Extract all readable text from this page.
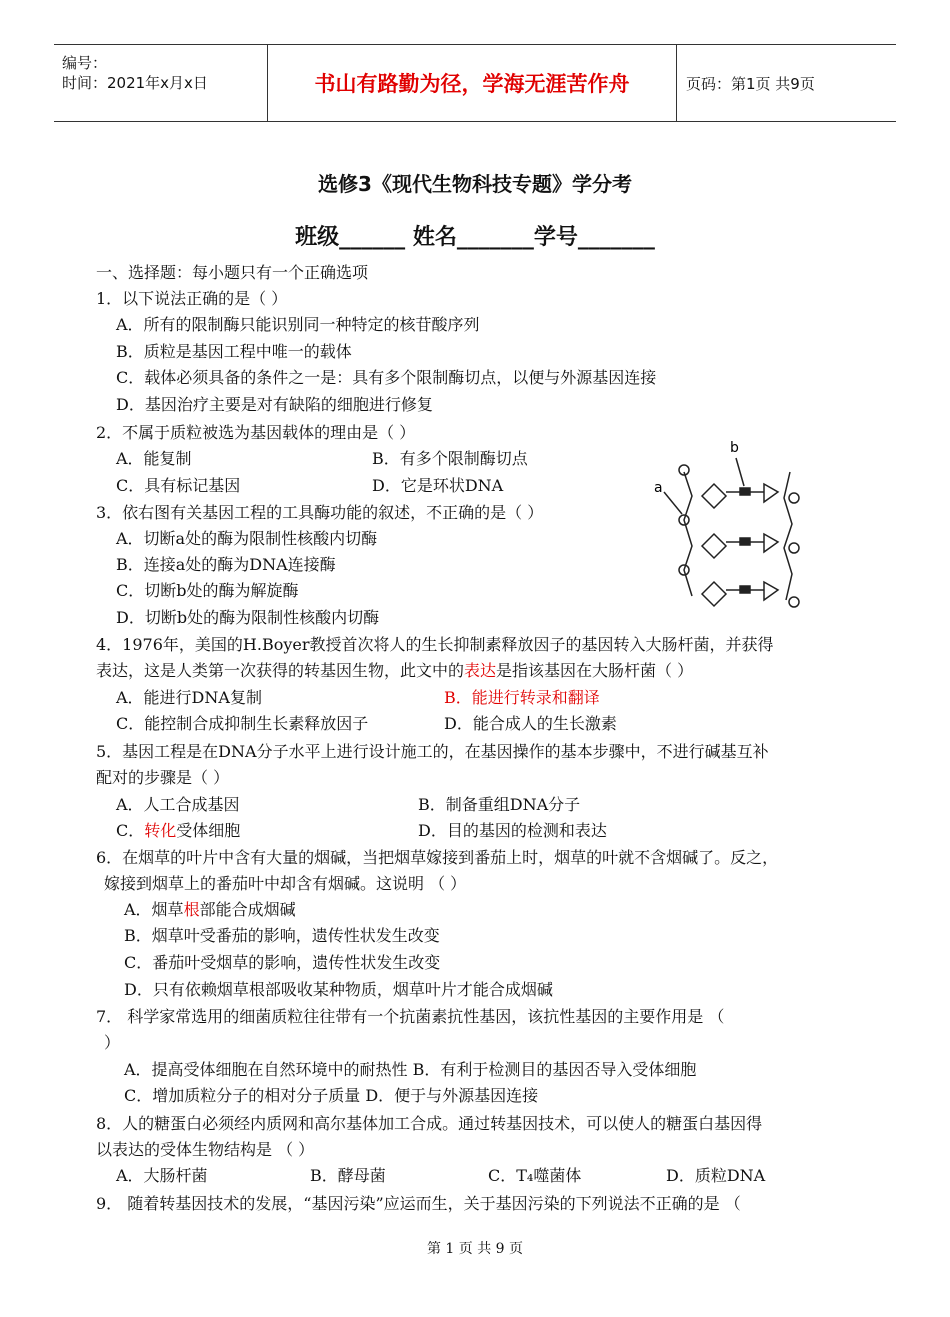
编号：
时间：2021年x月x日	书山有路勤为径，学海无涯苦作舟	页码：第1页 共9页
选修3《现代生物科技专题》学分考
班级______ 姓名_______学号_______
一、选择题：每小题只有一个正确选项
1．以下说法正确的是（ ）
A．所有的限制酶只能识别同一种特定的核苷酸序列
B．质粒是基因工程中唯一的载体
C．载体必须具备的条件之一是：具有多个限制酶切点，以便与外源基因连接
D．基因治疗主要是对有缺陷的细胞进行修复
2．不属于质粒被选为基因载体的理由是（ ）
3．依右图有关基因工程的工具酶功能的叙述，不正确的是（ ）
A．切断a处的酶为限制性核酸内切酶
B．连接a处的酶为DNA连接酶
C．切断b处的酶为解旋酶
D．切断b处的酶为限制性核酸内切酶
4．1976年，美国的H.Boyer教授首次将人的生长抑制素释放因子的基因转入大肠杆菌，并获得
5．基因工程是在DNA分子水平上进行设计施工的，在基因操作的基本步骤中，不进行碱基互补
配对的步骤是（ ）
6．在烟草的叶片中含有大量的烟碱，当把烟草嫁接到番茄上时，烟草的叶就不含烟碱了。反之，
嫁接到烟草上的番茄叶中却含有烟碱。这说明 （ ）
B．烟草叶受番茄的影响，遗传性状发生改变
C．番茄叶受烟草的影响，遗传性状发生改变
D．只有依赖烟草根部吸收某种物质，烟草叶片才能合成烟碱
7． 科学家常选用的细菌质粒往往带有一个抗菌素抗性基因，该抗性基因的主要作用是 （
）
A．提高受体细胞在自然环境中的耐热性 B．有利于检测目的基因否导入受体细胞
C．增加质粒分子的相对分子质量 D．便于与外源基因连接
8．人的糖蛋白必须经内质网和高尔基体加工合成。通过转基因技术，可以使人的糖蛋白基因得
以表达的受体生物结构是 （ ）
9． 随着转基因技术的发展，“基因污染”应运而生，关于基因污染的下列说法不正确的是 （
A．能复制	B．有多个限制酶切点
C．具有标记基因	D．它是环状DNA
表达，这是人类第一次获得的转基因生物，此文中的表达是指该基因在大肠杆菌（ ）
A．能进行DNA复制	B．能进行转录和翻译
C．能控制合成抑制生长素释放因子	D．能合成人的生长激素
A．人工合成基因	B．制备重组DNA分子
C．转化受体细胞	D．目的基因的检测和表达
A．烟草根部能合成烟碱
A．大肠杆菌	B．酵母菌	C．T₄噬菌体	D．质粒DNA
a
b
第 1 页 共 9 页
